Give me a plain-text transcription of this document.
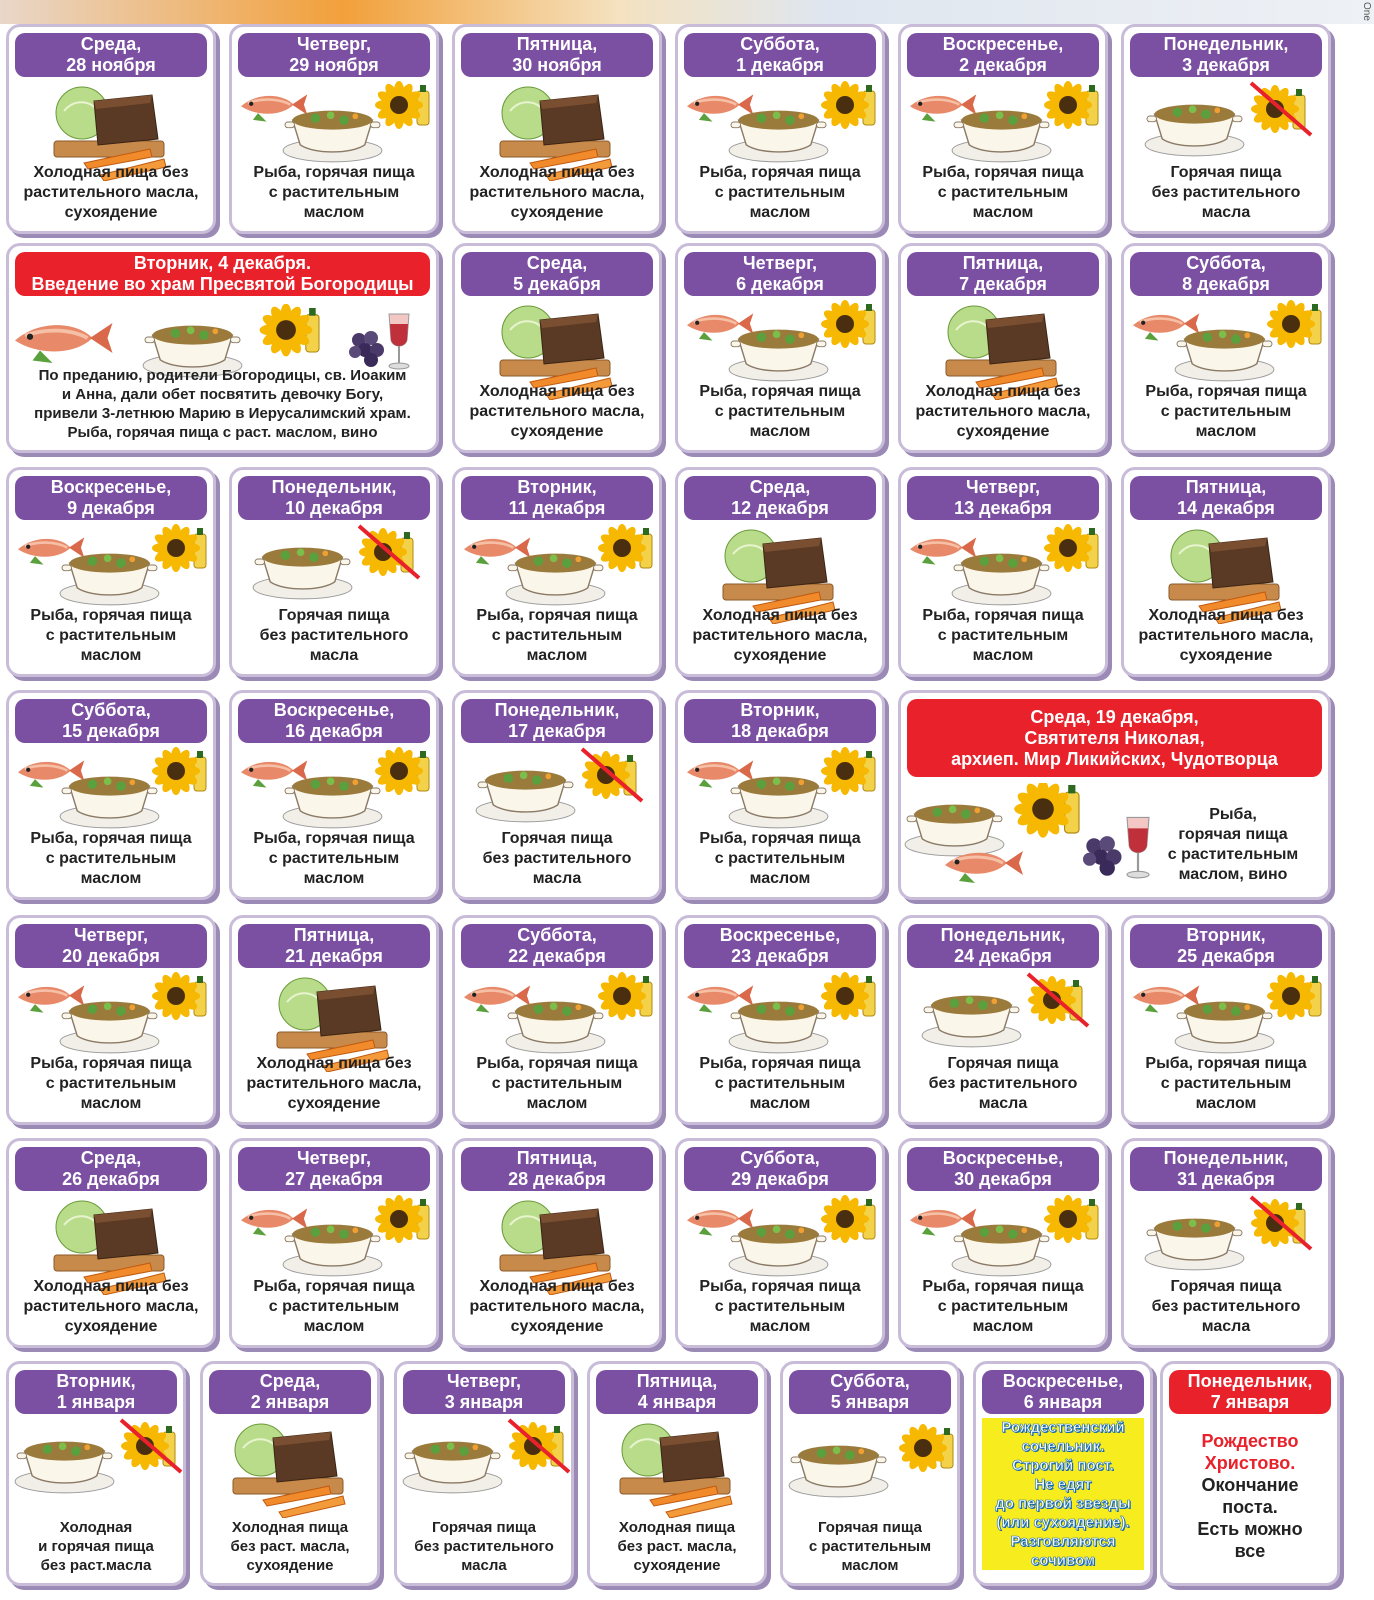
One
Среда,
28 ноября
Холодная пища без
растительного масла,
сухоядение
Четверг,
29 ноября
Рыба, горячая пища
с растительным
маслом
Пятница,
30 ноября
Холодная пища без
растительного масла,
сухоядение
Суббота,
1 декабря
Рыба, горячая пища
с растительным
маслом
Воскресенье,
2 декабря
Рыба, горячая пища
с растительным
маслом
Понедельник,
3 декабря
Горячая пища
без растительного
масла
Вторник, 4 декабря.
Введение во храм Пресвятой Богородицы
По преданию, родители Богородицы, св. Иоаким
и Анна, дали обет посвятить девочку Богу,
привели 3-летнюю Марию в Иерусалимский храм.
Рыба, горячая пища с раст. маслом, вино
Среда,
5 декабря
Холодная пища без
растительного масла,
сухоядение
Четверг,
6 декабря
Рыба, горячая пища
с растительным
маслом
Пятница,
7 декабря
Холодная пища без
растительного масла,
сухоядение
Суббота,
8 декабря
Рыба, горячая пища
с растительным
маслом
Воскресенье,
9 декабря
Рыба, горячая пища
с растительным
маслом
Понедельник,
10 декабря
Горячая пища
без растительного
масла
Вторник,
11 декабря
Рыба, горячая пища
с растительным
маслом
Среда,
12 декабря
Холодная пища без
растительного масла,
сухоядение
Четверг,
13 декабря
Рыба, горячая пища
с растительным
маслом
Пятница,
14 декабря
Холодная пища без
растительного масла,
сухоядение
Суббота,
15 декабря
Рыба, горячая пища
с растительным
маслом
Воскресенье,
16 декабря
Рыба, горячая пища
с растительным
маслом
Понедельник,
17 декабря
Горячая пища
без растительного
масла
Вторник,
18 декабря
Рыба, горячая пища
с растительным
маслом
Среда, 19 декабря,
Святителя Николая,
архиеп. Мир Ликийских, Чудотворца
Рыба,
горячая пища
с растительным
маслом, вино
Четверг,
20 декабря
Рыба, горячая пища
с растительным
маслом
Пятница,
21 декабря
Холодная пища без
растительного масла,
сухоядение
Суббота,
22 декабря
Рыба, горячая пища
с растительным
маслом
Воскресенье,
23 декабря
Рыба, горячая пища
с растительным
маслом
Понедельник,
24 декабря
Горячая пища
без растительного
масла
Вторник,
25 декабря
Рыба, горячая пища
с растительным
маслом
Среда,
26 декабря
Холодная пища без
растительного масла,
сухоядение
Четверг,
27 декабря
Рыба, горячая пища
с растительным
маслом
Пятница,
28 декабря
Холодная пища без
растительного масла,
сухоядение
Суббота,
29 декабря
Рыба, горячая пища
с растительным
маслом
Воскресенье,
30 декабря
Рыба, горячая пища
с растительным
маслом
Понедельник,
31 декабря
Горячая пища
без растительного
масла
Вторник,
1 января
Холодная
и горячая пища
без раст.масла
Среда,
2 января
Холодная пища
без раст. масла,
сухоядение
Четверг,
3 января
Горячая пища
без растительного
масла
Пятница,
4 января
Холодная пища
без раст. масла,
сухоядение
Суббота,
5 января
Горячая пища
с растительным
маслом
Воскресенье,
6 января
Рождественский
сочельник.
Строгий пост.
Не едят
до первой звезды
(или сухоядение).
Разговляются
сочивом
Понедельник,
7 января
Рождество
Христово.
Окончание
поста.
Есть можно
все
